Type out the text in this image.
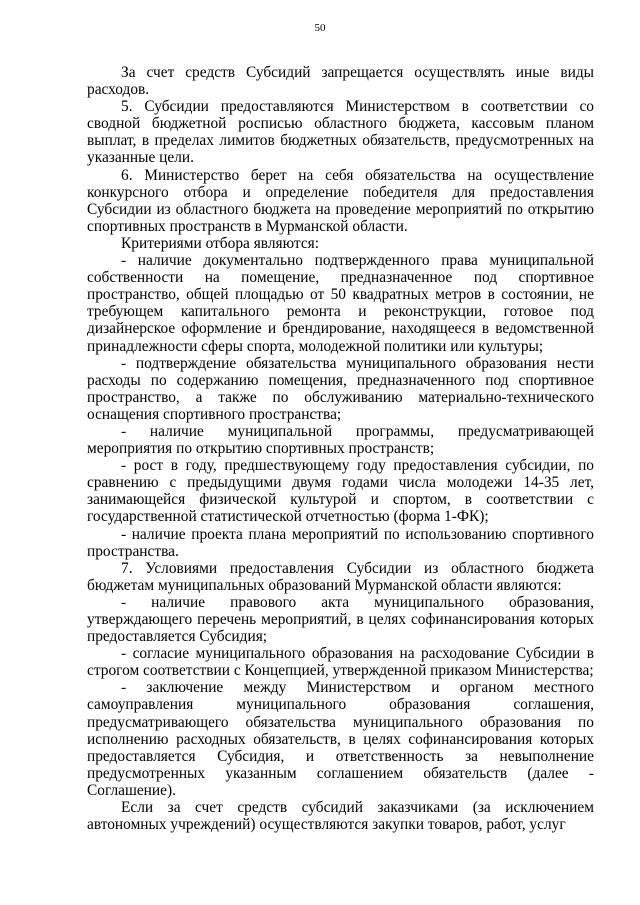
50

За счет средств Субсидий запрещается осуществлять иные виды расходов.

5. Субсидии предоставляются Министерством в соответствии со сводной бюджетной росписью областного бюджета, кассовым планом выплат, в пределах лимитов бюджетных обязательств, предусмотренных на указанные цели.

6. Министерство берет на себя обязательства на осуществление конкурсного отбора и определение победителя для предоставления Субсидии из областного бюджета на проведение мероприятий по открытию спортивных пространств в Мурманской области.

Критериями отбора являются:

- наличие документально подтвержденного права муниципальной собственности на помещение, предназначенное под спортивное пространство, общей площадью от 50 квадратных метров в состоянии, не требующем капитального ремонта и реконструкции, готовое под дизайнерское оформление и брендирование, находящееся в ведомственной принадлежности сферы спорта, молодежной политики или культуры;

- подтверждение обязательства муниципального образования нести расходы по содержанию помещения, предназначенного под спортивное пространство, а также по обслуживанию материально-технического оснащения спортивного пространства;

- наличие муниципальной программы, предусматривающей мероприятия по открытию спортивных пространств;

- рост в году, предшествующему году предоставления субсидии, по сравнению с предыдущими двумя годами числа молодежи 14-35 лет, занимающейся физической культурой и спортом, в соответствии с государственной статистической отчетностью (форма 1-ФК);

- наличие проекта плана мероприятий по использованию спортивного пространства.

7. Условиями предоставления Субсидии из областного бюджета бюджетам муниципальных образований Мурманской области являются:

- наличие правового акта муниципального образования, утверждающего перечень мероприятий, в целях софинансирования которых предоставляется Субсидия;

- согласие муниципального образования на расходование Субсидии в строгом соответствии с Концепцией, утвержденной приказом Министерства;

- заключение между Министерством и органом местного самоуправления муниципального образования соглашения, предусматривающего обязательства муниципального образования по исполнению расходных обязательств, в целях софинансирования которых предоставляется Субсидия, и ответственность за невыполнение предусмотренных указанным соглашением обязательств (далее - Соглашение).

Если за счет средств субсидий заказчиками (за исключением автономных учреждений) осуществляются закупки товаров, работ, услуг
